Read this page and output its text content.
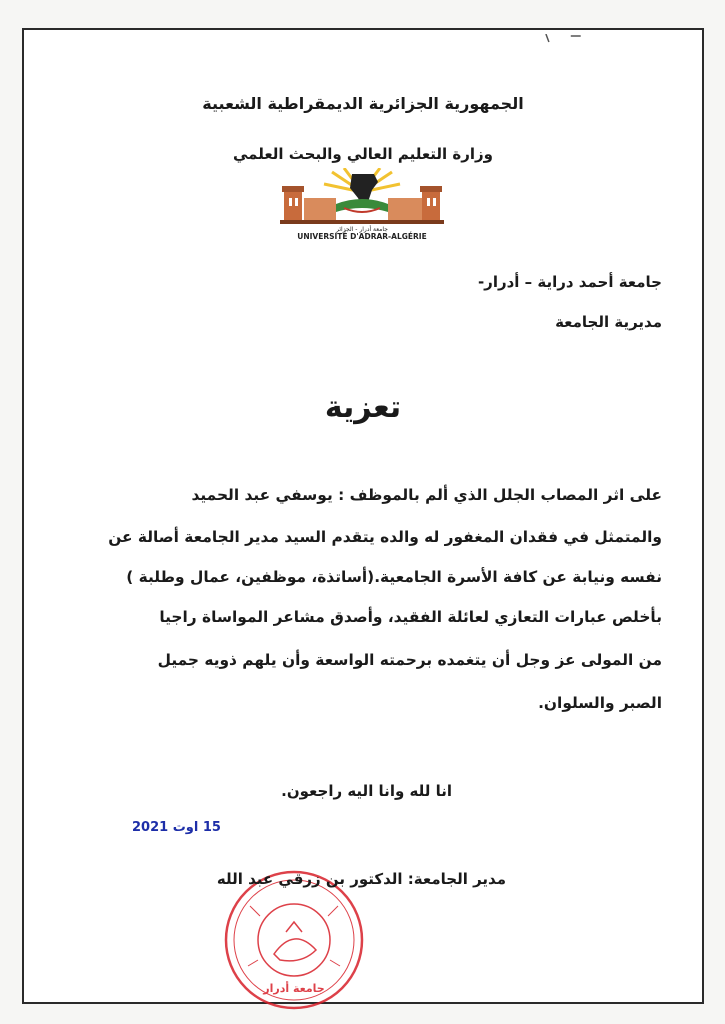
الجمهورية الجزائرية الديمقراطية الشعبية
وزارة التعليم العالي والبحث العلمي
جامعة أدرار - الجزائر
UNIVERSITÉ D'ADRAR-ALGÉRIE
جامعة أحمد دراية – أدرار-
مديرية الجامعة
تعزية
على اثر المصاب الجلل الذي ألم بالموظف : يوسفي عبد الحميد
والمتمثل في فقدان المغفور له والده يتقدم السيد مدير الجامعة أصالة عن
نفسه ونيابة عن كافة الأسرة الجامعية.(أساتذة، موظفين، عمال وطلبة )
بأخلص عبارات التعازي لعائلة الفقيد، وأصدق مشاعر المواساة راجيا
من المولى عز وجل أن يتغمده برحمته الواسعة وأن يلهم ذويه جميل
الصبر والسلوان.
انا لله وانا اليه راجعون.
15 اوت 2021
جامعة أدرار
مدير الجامعة: الدكتور بن زرقي عبد الله
